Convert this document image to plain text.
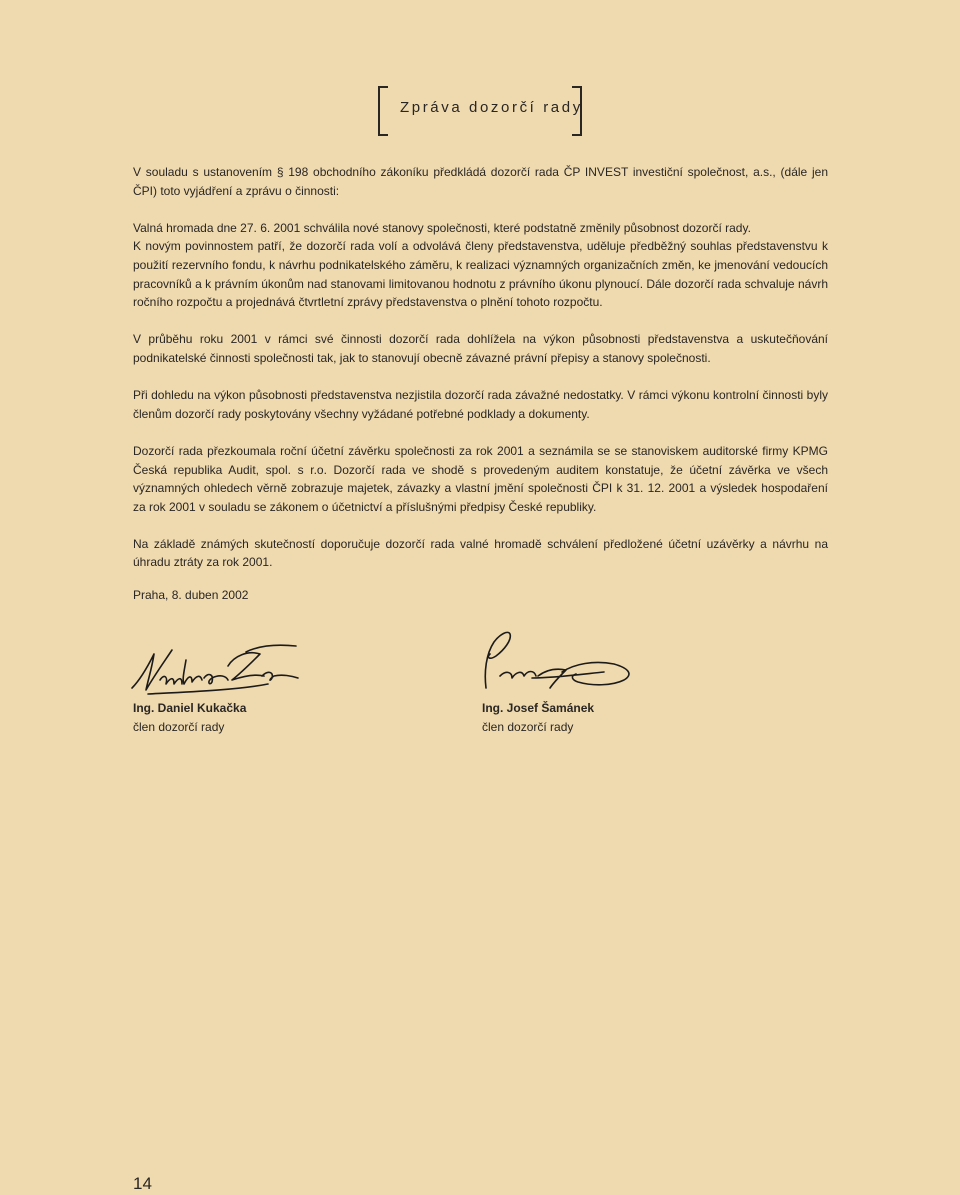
Zpráva dozorčí rady

V souladu s ustanovením § 198 obchodního zákoníku předkládá dozorčí rada ČP INVEST investiční společnost, a.s., (dále jen ČPI) toto vyjádření a zprávu o činnosti:

Valná hromada dne 27. 6. 2001 schválila nové stanovy společnosti, které podstatně změnily působnost dozorčí rady.

K novým povinnostem patří, že dozorčí rada volí a odvolává členy představenstva, uděluje předběžný souhlas představenstvu k použití rezervního fondu, k návrhu podnikatelského záměru, k realizaci významných organizačních změn, ke jmenování vedoucích pracovníků a k právním úkonům nad stanovami limitovanou hodnotu z právního úkonu plynoucí. Dále dozorčí rada schvaluje návrh ročního rozpočtu a projednává čtvrtletní zprávy představenstva o plnění tohoto rozpočtu.

V průběhu roku 2001 v rámci své činnosti dozorčí rada dohlížela na výkon působnosti představenstva a uskutečňování podnikatelské činnosti společnosti tak, jak to stanovují obecně závazné právní přepisy a stanovy společnosti.

Při dohledu na výkon působnosti představenstva nezjistila dozorčí rada závažné nedostatky. V rámci výkonu kontrolní činnosti byly členům dozorčí rady poskytovány všechny vyžádané potřebné podklady a dokumenty.

Dozorčí rada přezkoumala roční účetní závěrku společnosti za rok 2001 a seznámila se se stanoviskem auditorské firmy KPMG Česká republika Audit, spol. s r.o. Dozorčí rada ve shodě s provedeným auditem konstatuje, že účetní závěrka ve všech významných ohledech věrně zobrazuje majetek, závazky a vlastní jmění společnosti ČPI k 31. 12. 2001 a výsledek hospodaření za rok 2001 v souladu se zákonem o účetnictví a příslušnými předpisy České republiky.

Na základě známých skutečností doporučuje dozorčí rada valné hromadě schválení předložené účetní uzávěrky a návrhu na úhradu ztráty za rok 2001.

Praha, 8. duben 2002
Ing. Daniel Kukačka
člen dozorčí rady
Ing. Josef Šamánek
člen dozorčí rady
14
